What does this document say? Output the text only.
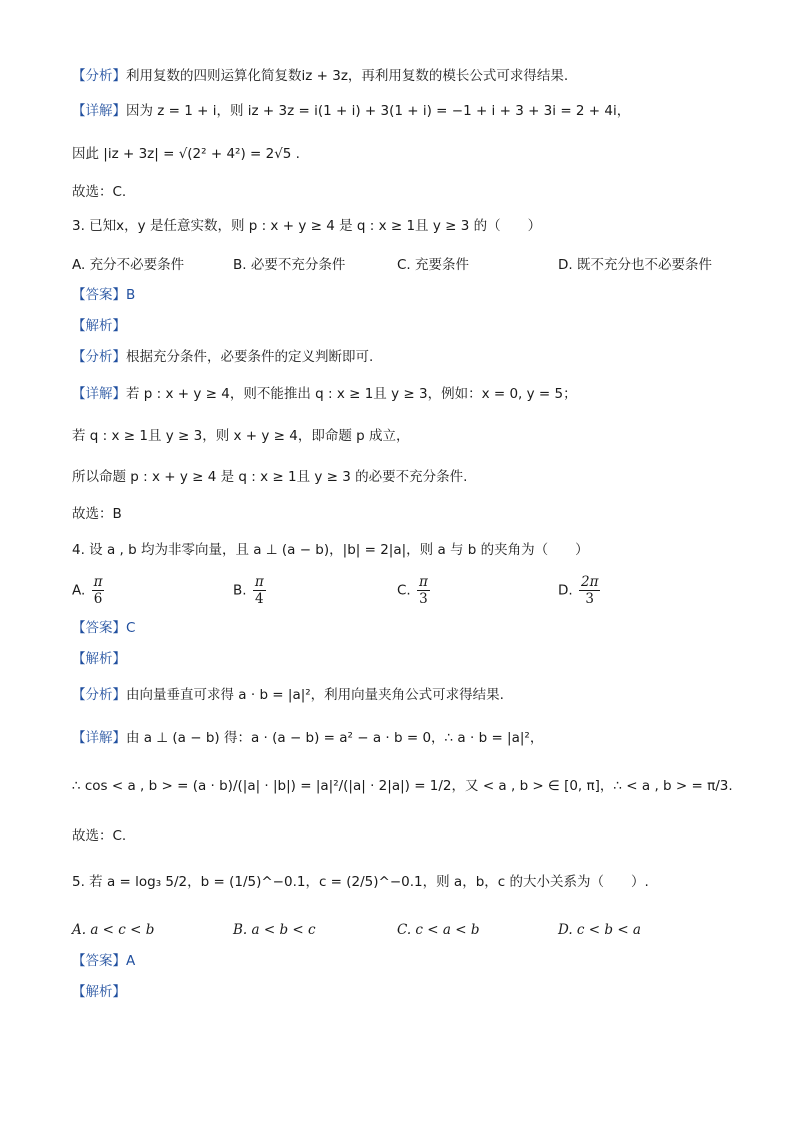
【分析】利用复数的四则运算化简复数iz + 3z，再利用复数的模长公式可求得结果.
【详解】因为 z = 1 + i，则 iz + 3z = i(1 + i) + 3(1 + i) = −1 + i + 3 + 3i = 2 + 4i，
因此 |iz + 3z| = √(2² + 4²) = 2√5 .
故选：C.
3. 已知x，y 是任意实数，则 p : x + y ≥ 4 是 q : x ≥ 1且 y ≥ 3 的（　　）
A. 充分不必要条件	B. 必要不充分条件	C. 充要条件	D. 既不充分也不必要条件
【答案】B
【解析】
【分析】根据充分条件，必要条件的定义判断即可.
【详解】若 p : x + y ≥ 4，则不能推出 q : x ≥ 1且 y ≥ 3，例如：x = 0, y = 5；
若 q : x ≥ 1且 y ≥ 3，则 x + y ≥ 4，即命题 p 成立，
所以命题 p : x + y ≥ 4 是 q : x ≥ 1且 y ≥ 3 的必要不充分条件.
故选：B
4. 设 a , b 均为非零向量，且 a ⊥ (a − b)，|b| = 2|a|，则 a 与 b 的夹角为（　　）
A. $\frac{\pi}{6}$	B. $\frac{\pi}{4}$	C. $\frac{\pi}{3}$	D. $\frac{2\pi}{3}$
【答案】C
【解析】
【分析】由向量垂直可求得 a · b = |a|²，利用向量夹角公式可求得结果.
【详解】由 a ⊥ (a − b) 得：a · (a − b) = a² − a · b = 0，∴ a · b = |a|²，
∴ cos < a , b > = (a · b)/(|a| · |b|) = |a|²/(|a| · 2|a|) = 1/2，又 < a , b > ∈ [0, π]，∴ < a , b > = π/3.
故选：C.
5. 若 a = log₃ 5/2，b = (1/5)^−0.1，c = (2/5)^−0.1，则 a，b，c 的大小关系为（　　）.
A. a < c < b	B. a < b < c	C. c < a < b	D. c < b < a
【答案】A
【解析】
